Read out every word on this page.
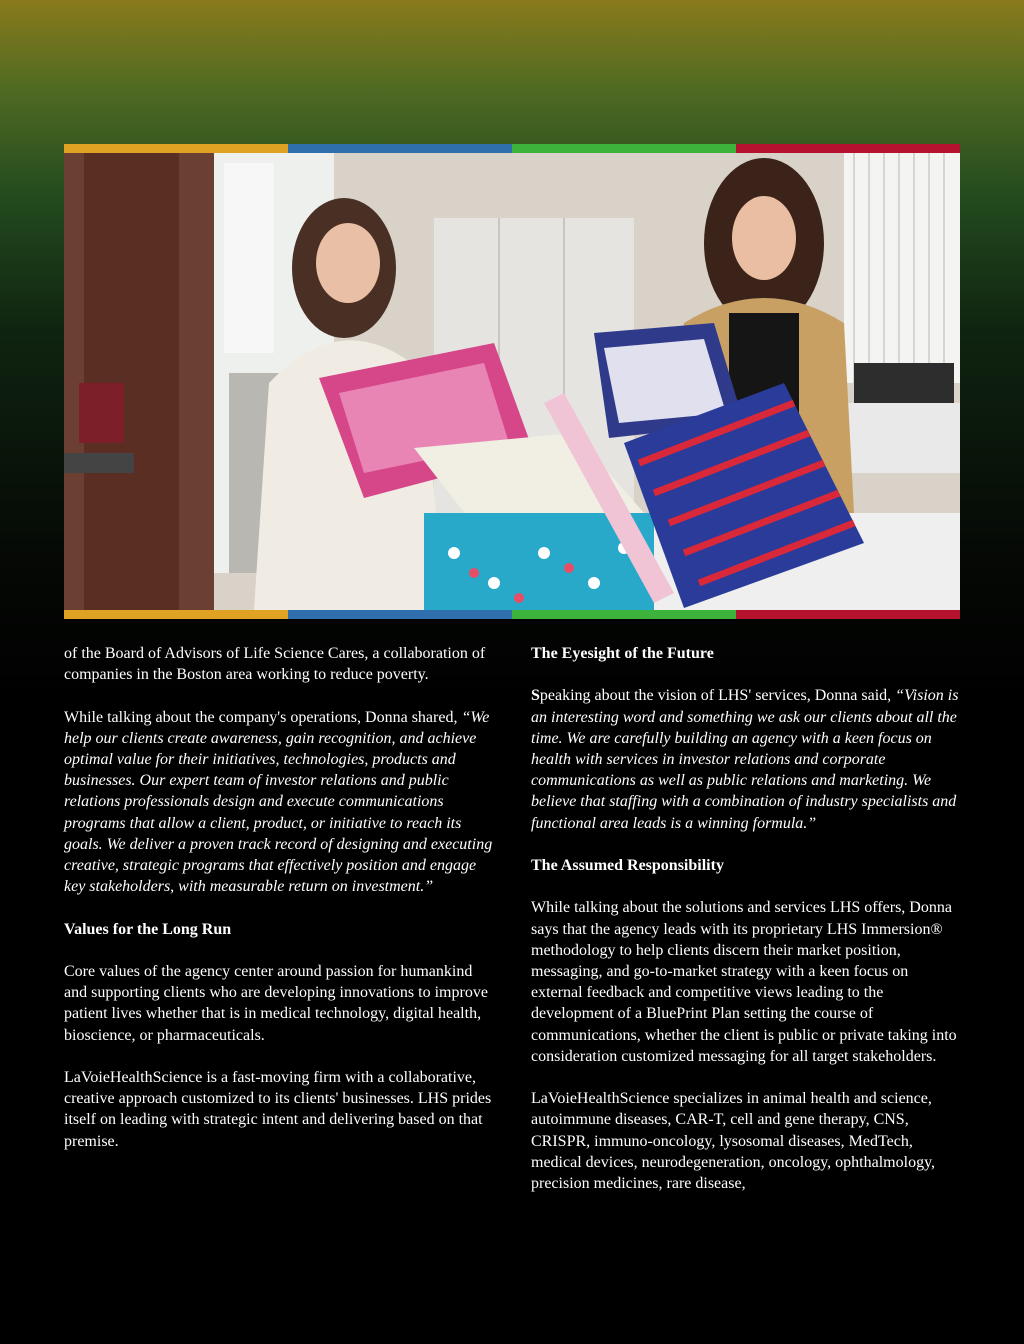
of the Board of Advisors of Life Science Cares, a collaboration of companies in the Boston area working to reduce poverty.

While talking about the company's operations, Donna shared, “We help our clients create awareness, gain recognition, and achieve optimal value for their initiatives, technologies, products and businesses. Our expert team of investor relations and public relations professionals design and execute communications programs that allow a client, product, or initiative to reach its goals. We deliver a proven track record of designing and executing creative, strategic programs that effectively position and engage key stakeholders, with measurable return on investment.”

Values for the Long Run

Core values of the agency center around passion for humankind and supporting clients who are developing innovations to improve patient lives whether that is in medical technology, digital health, bioscience, or pharmaceuticals.

LaVoieHealthScience is a fast-moving firm with a collaborative, creative approach customized to its clients' businesses. LHS prides itself on leading with strategic intent and delivering based on that premise.

The Eyesight of the Future

Speaking about the vision of LHS' services, Donna said, “Vision is an interesting word and something we ask our clients about all the time. We are carefully building an agency with a keen focus on health with services in investor relations and corporate communications as well as public relations and marketing. We believe that staffing with a combination of industry specialists and functional area leads is a winning formula.”

The Assumed Responsibility

While talking about the solutions and services LHS offers, Donna says that the agency leads with its proprietary LHS Immersion® methodology to help clients discern their market position, messaging, and go-to-market strategy with a keen focus on external feedback and competitive views leading to the development of a BluePrint Plan setting the course of communications, whether the client is public or private taking into consideration customized messaging for all target stakeholders.

LaVoieHealthScience specializes in animal health and science, autoimmune diseases, CAR-T, cell and gene therapy, CNS, CRISPR, immuno-oncology, lysosomal diseases, MedTech, medical devices, neurodegeneration, oncology, ophthalmology, precision medicines, rare disease,
